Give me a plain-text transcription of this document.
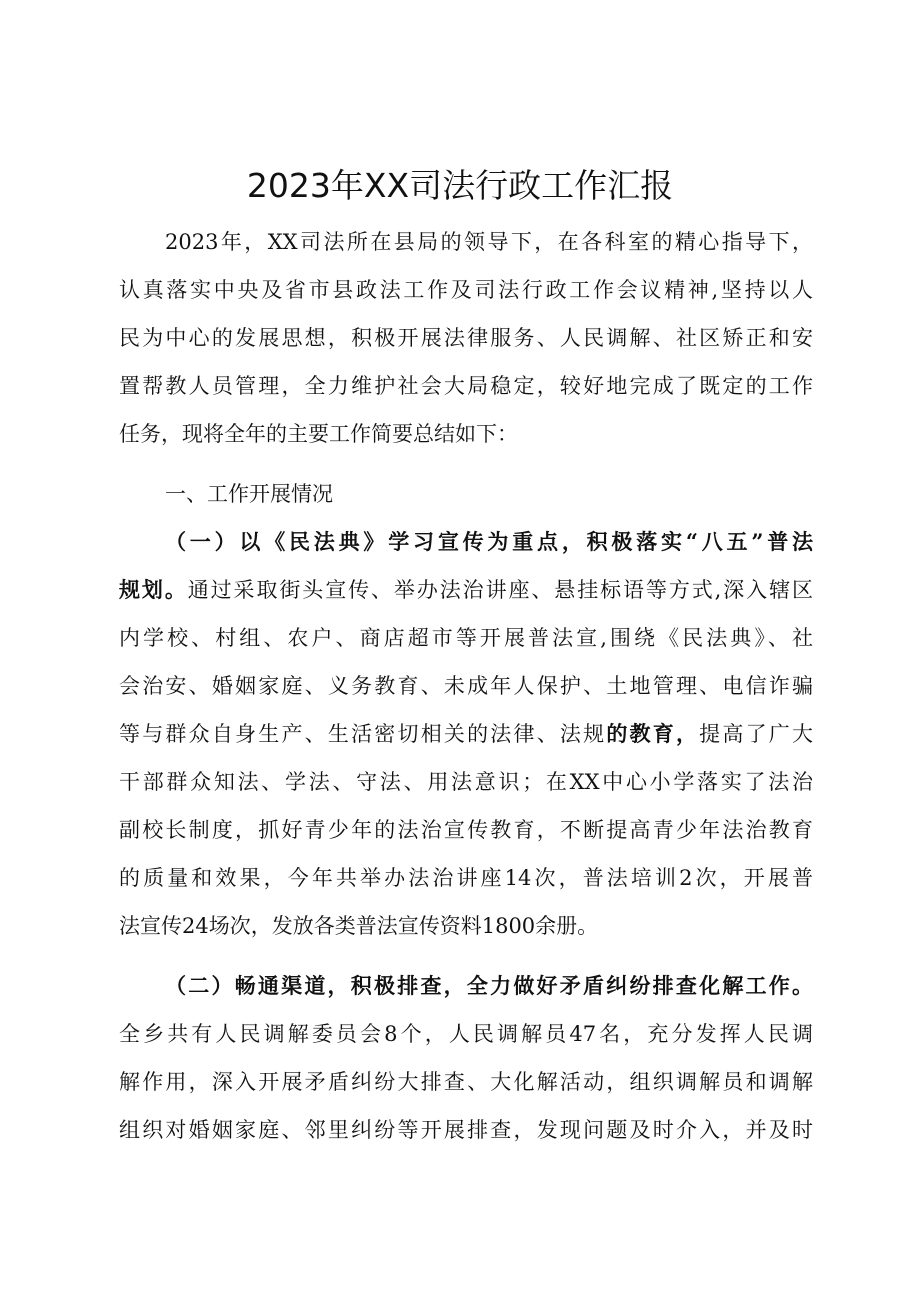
2023年XX司法行政工作汇报
2023年，XX司法所在县局的领导下，在各科室的精心指导下，
认真落实中央及省市县政法工作及司法行政工作会议精神,坚持以人
民为中心的发展思想，积极开展法律服务、人民调解、社区矫正和安
置帮教人员管理，全力维护社会大局稳定，较好地完成了既定的工作
任务，现将全年的主要工作简要总结如下：
一、工作开展情况
（一）以《民法典》学习宣传为重点，积极落实“八五”普法
规划。通过采取街头宣传、举办法治讲座、悬挂标语等方式,深入辖区
内学校、村组、农户、商店超市等开展普法宣,围绕《民法典》、社
会治安、婚姻家庭、义务教育、未成年人保护、土地管理、电信诈骗
等与群众自身生产、生活密切相关的法律、法规的教育，提高了广大
干部群众知法、学法、守法、用法意识；在XX中心小学落实了法治
副校长制度，抓好青少年的法治宣传教育，不断提高青少年法治教育
的质量和效果，今年共举办法治讲座14次，普法培训2次，开展普
法宣传24场次，发放各类普法宣传资料1800余册。
（二）畅通渠道，积极排查，全力做好矛盾纠纷排查化解工作。
全乡共有人民调解委员会8个，人民调解员47名，充分发挥人民调
解作用，深入开展矛盾纠纷大排查、大化解活动，组织调解员和调解
组织对婚姻家庭、邻里纠纷等开展排查，发现问题及时介入，并及时
